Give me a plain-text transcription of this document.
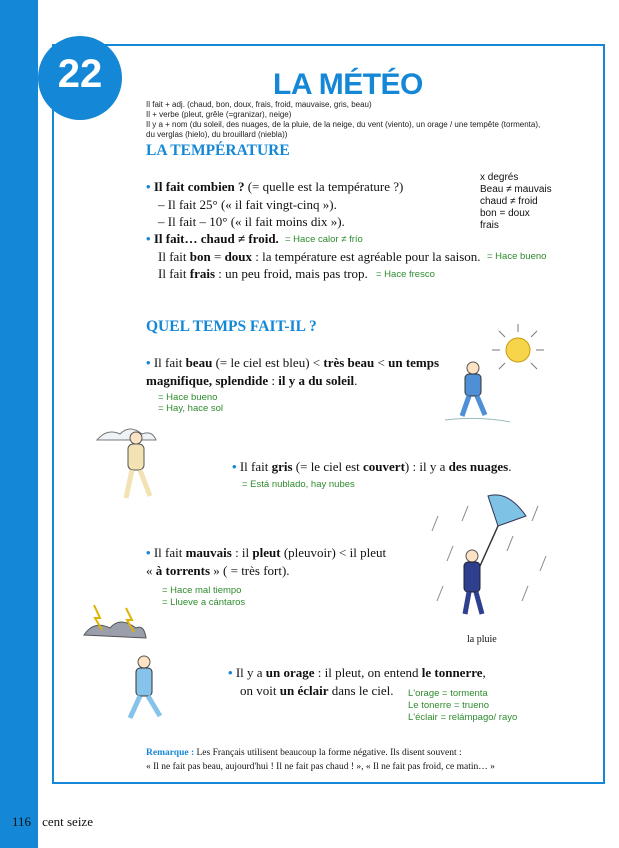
22	LA MÉTÉO
Il fait + adj. (chaud, bon, doux, frais, froid, mauvaise, gris, beau)
Il + verbe (pleut, grêle (=granizar), neige)
Il y a + nom (du soleil, des nuages, de la pluie, de la neige, du vent (viento), un orage / une tempête (tormenta),
du verglas (hielo), du brouillard (niebla))
LA TEMPÉRATURE
x degrés
Beau ≠ mauvais
chaud ≠ froid
bon = doux
frais
• Il fait combien ? (= quelle est la température ?)
– Il fait 25° (« il fait vingt-cinq »).
– Il fait – 10° (« il fait moins dix »).
• Il fait… chaud ≠ froid. = Hace calor ≠ frío
Il fait bon = doux : la température est agréable pour la saison. = Hace bueno
Il fait frais : un peu froid, mais pas trop. = Hace fresco
QUEL TEMPS FAIT-IL ?
• Il fait beau (= le ciel est bleu) < très beau < un temps
magnifique, splendide : il y a du soleil.
= Hace bueno
= Hay, hace sol
• Il fait gris (= le ciel est couvert) : il y a des nuages.
= Está nublado, hay nubes
• Il fait mauvais : il pleut (pleuvoir) < il pleut
« à torrents » ( = très fort).
= Hace mal tiempo
= Llueve a cántaros
la pluie
• Il y a un orage : il pleut, on entend le tonnerre,
on voit un éclair dans le ciel. L'orage = tormenta
Le tonerre = trueno
L'éclair = relámpago/ rayo
Remarque : Les Français utilisent beaucoup la forme négative. Ils disent souvent :
« Il ne fait pas beau, aujourd'hui ! Il ne fait pas chaud ! », « Il ne fait pas froid, ce matin… »
116 • cent seize
